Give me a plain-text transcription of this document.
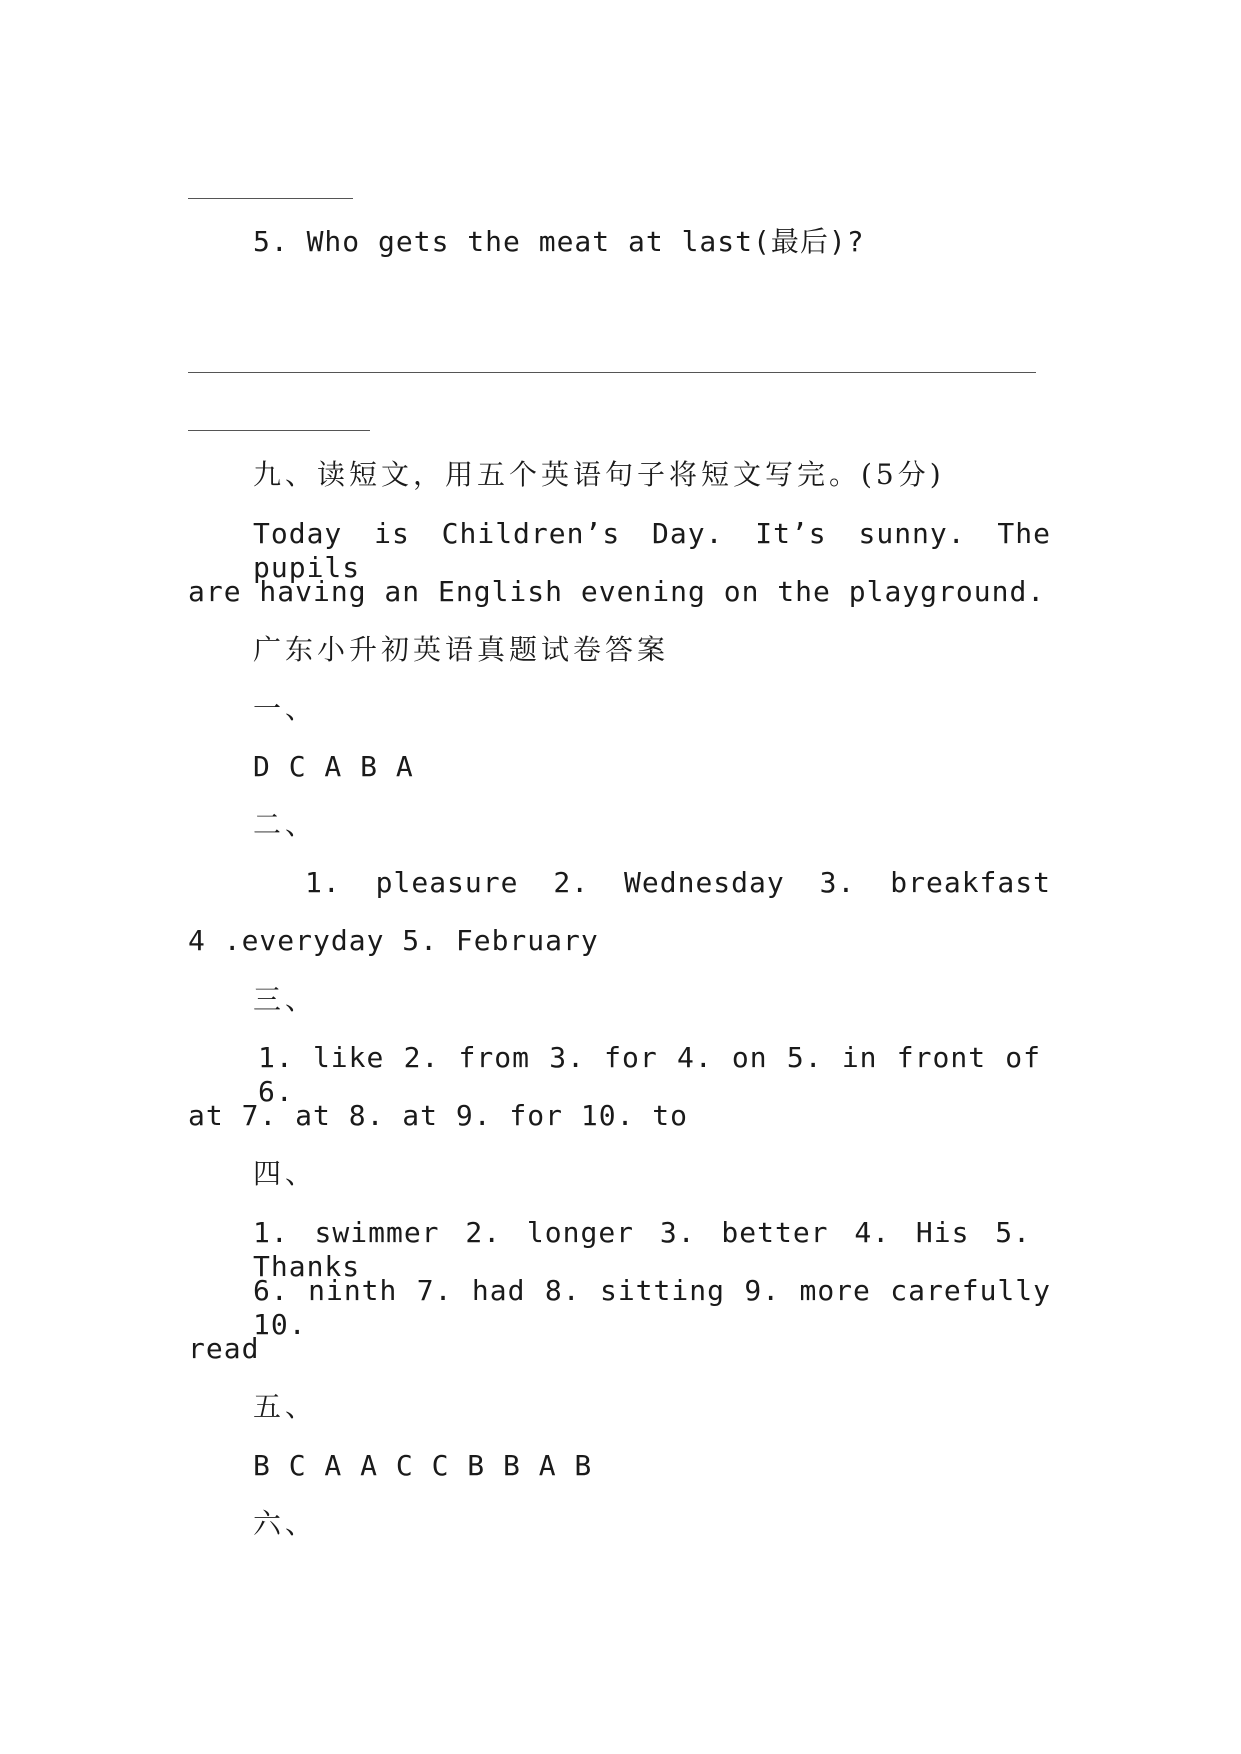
5. Who gets the meat at last(最后)?
九、读短文，用五个英语句子将短文写完。(5分)
Today is Children’s Day. It’s sunny. The pupils
are having an English evening on the playground.
广东小升初英语真题试卷答案
一、
D C A B A
二、
1. pleasure 2. Wednesday 3. breakfast
4 .everyday 5. February
三、
1. like 2. from 3. for 4. on 5. in front of 6.
at 7. at 8. at 9. for 10. to
四、
1. swimmer 2. longer 3. better 4. His 5. Thanks
6. ninth 7. had 8. sitting 9. more carefully 10.
read
五、
B C A A C C B B A B
六、
